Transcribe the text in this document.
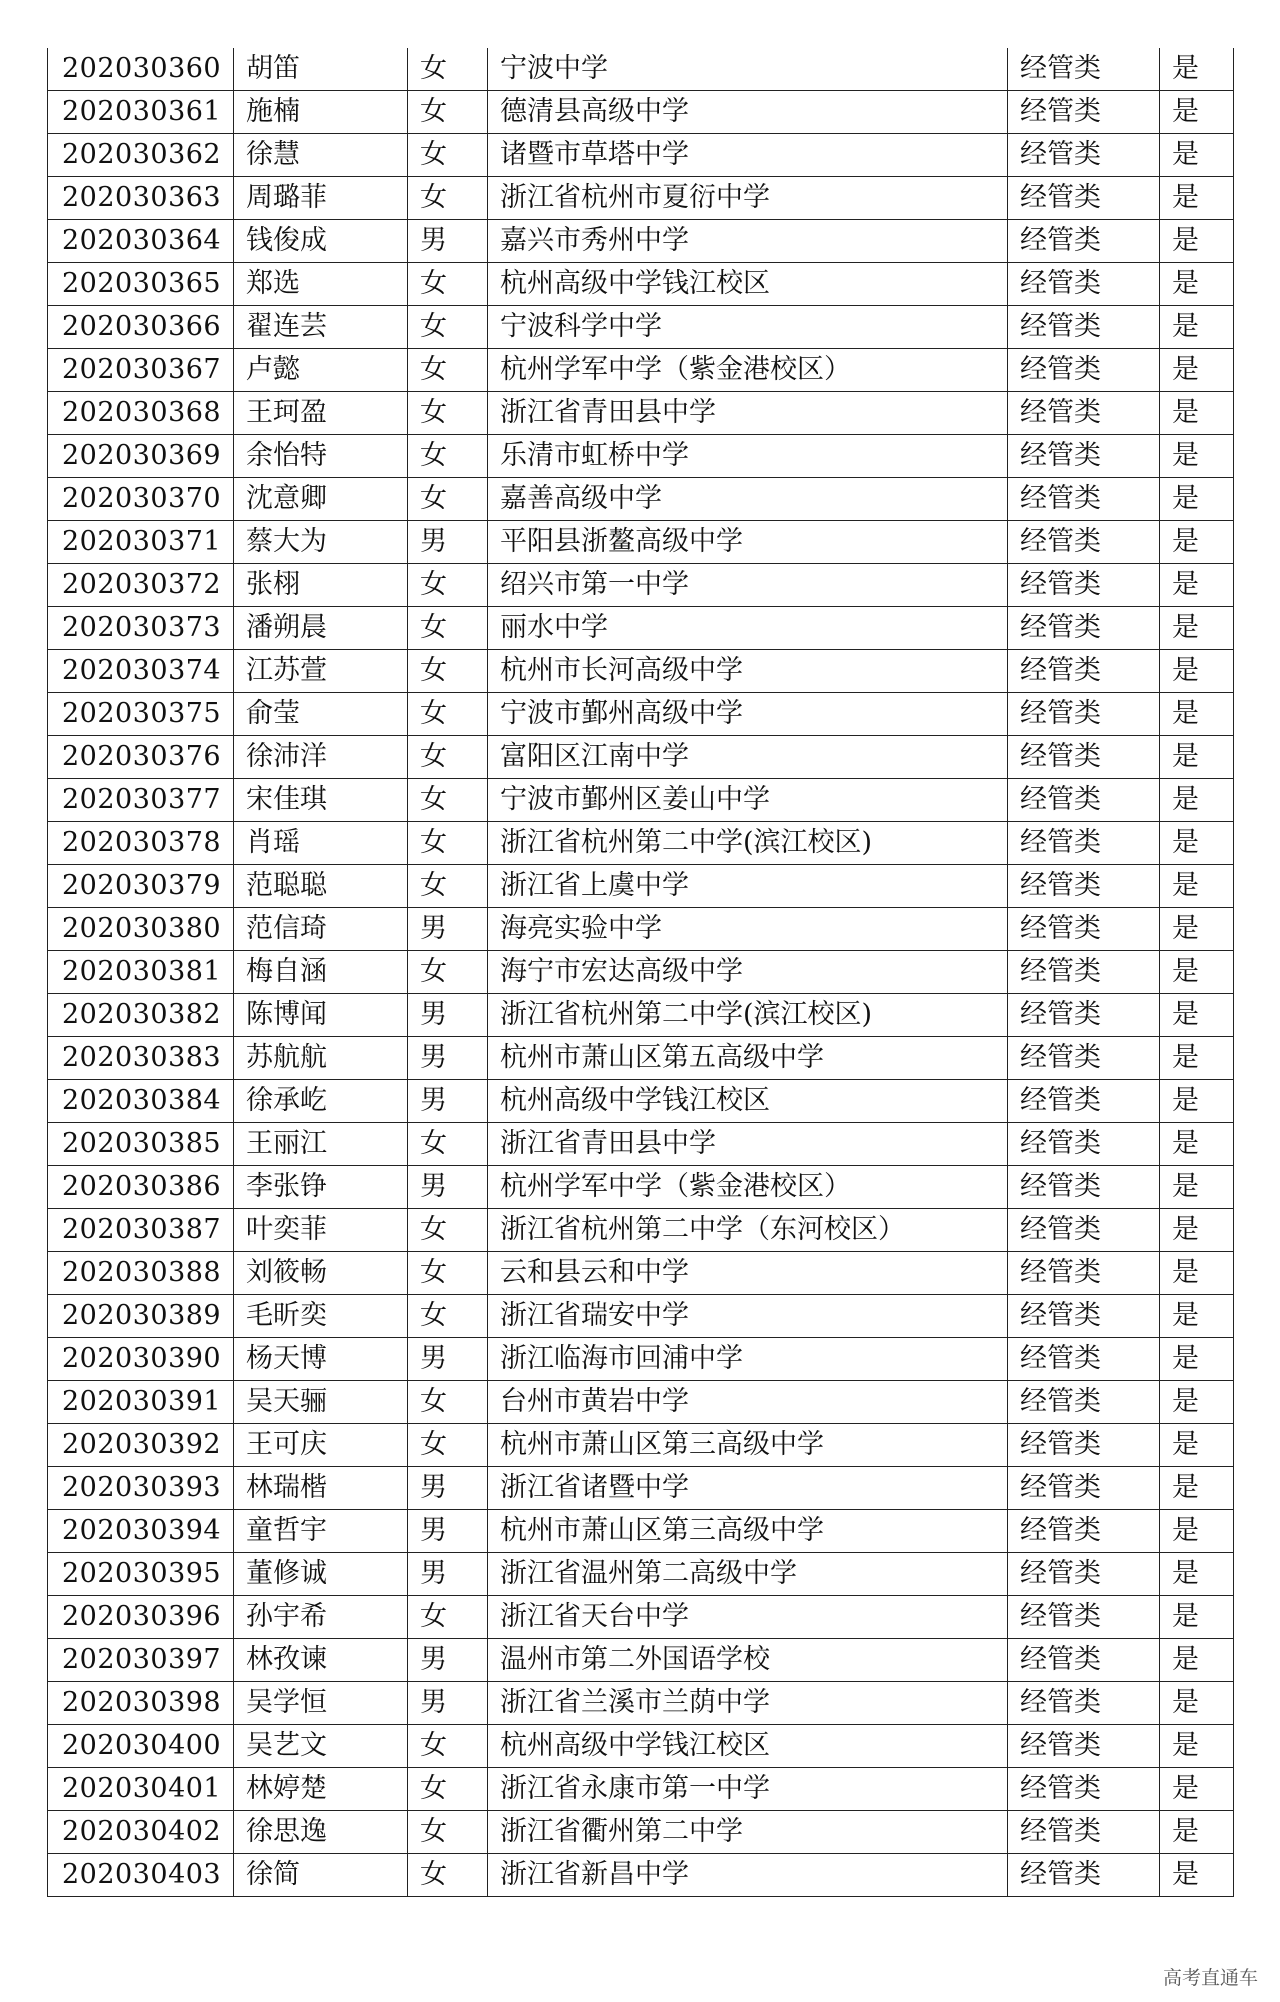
202030360	胡笛	女	宁波中学	经管类	是
202030361	施楠	女	德清县高级中学	经管类	是
202030362	徐慧	女	诸暨市草塔中学	经管类	是
202030363	周璐菲	女	浙江省杭州市夏衍中学	经管类	是
202030364	钱俊成	男	嘉兴市秀州中学	经管类	是
202030365	郑选	女	杭州高级中学钱江校区	经管类	是
202030366	翟连芸	女	宁波科学中学	经管类	是
202030367	卢懿	女	杭州学军中学（紫金港校区）	经管类	是
202030368	王珂盈	女	浙江省青田县中学	经管类	是
202030369	余怡特	女	乐清市虹桥中学	经管类	是
202030370	沈意卿	女	嘉善高级中学	经管类	是
202030371	蔡大为	男	平阳县浙鳌高级中学	经管类	是
202030372	张栩	女	绍兴市第一中学	经管类	是
202030373	潘朔晨	女	丽水中学	经管类	是
202030374	江苏萱	女	杭州市长河高级中学	经管类	是
202030375	俞莹	女	宁波市鄞州高级中学	经管类	是
202030376	徐沛洋	女	富阳区江南中学	经管类	是
202030377	宋佳琪	女	宁波市鄞州区姜山中学	经管类	是
202030378	肖瑶	女	浙江省杭州第二中学(滨江校区)	经管类	是
202030379	范聪聪	女	浙江省上虞中学	经管类	是
202030380	范信琦	男	海亮实验中学	经管类	是
202030381	梅自涵	女	海宁市宏达高级中学	经管类	是
202030382	陈博闻	男	浙江省杭州第二中学(滨江校区)	经管类	是
202030383	苏航航	男	杭州市萧山区第五高级中学	经管类	是
202030384	徐承屹	男	杭州高级中学钱江校区	经管类	是
202030385	王丽江	女	浙江省青田县中学	经管类	是
202030386	李张铮	男	杭州学军中学（紫金港校区）	经管类	是
202030387	叶奕菲	女	浙江省杭州第二中学（东河校区）	经管类	是
202030388	刘筱畅	女	云和县云和中学	经管类	是
202030389	毛昕奕	女	浙江省瑞安中学	经管类	是
202030390	杨天博	男	浙江临海市回浦中学	经管类	是
202030391	吴天骊	女	台州市黄岩中学	经管类	是
202030392	王可庆	女	杭州市萧山区第三高级中学	经管类	是
202030393	林瑞楷	男	浙江省诸暨中学	经管类	是
202030394	童哲宇	男	杭州市萧山区第三高级中学	经管类	是
202030395	董修诚	男	浙江省温州第二高级中学	经管类	是
202030396	孙宇希	女	浙江省天台中学	经管类	是
202030397	林孜谏	男	温州市第二外国语学校	经管类	是
202030398	吴学恒	男	浙江省兰溪市兰荫中学	经管类	是
202030400	吴艺文	女	杭州高级中学钱江校区	经管类	是
202030401	林婷楚	女	浙江省永康市第一中学	经管类	是
202030402	徐思逸	女	浙江省衢州第二中学	经管类	是
202030403	徐简	女	浙江省新昌中学	经管类	是
高考直通车
